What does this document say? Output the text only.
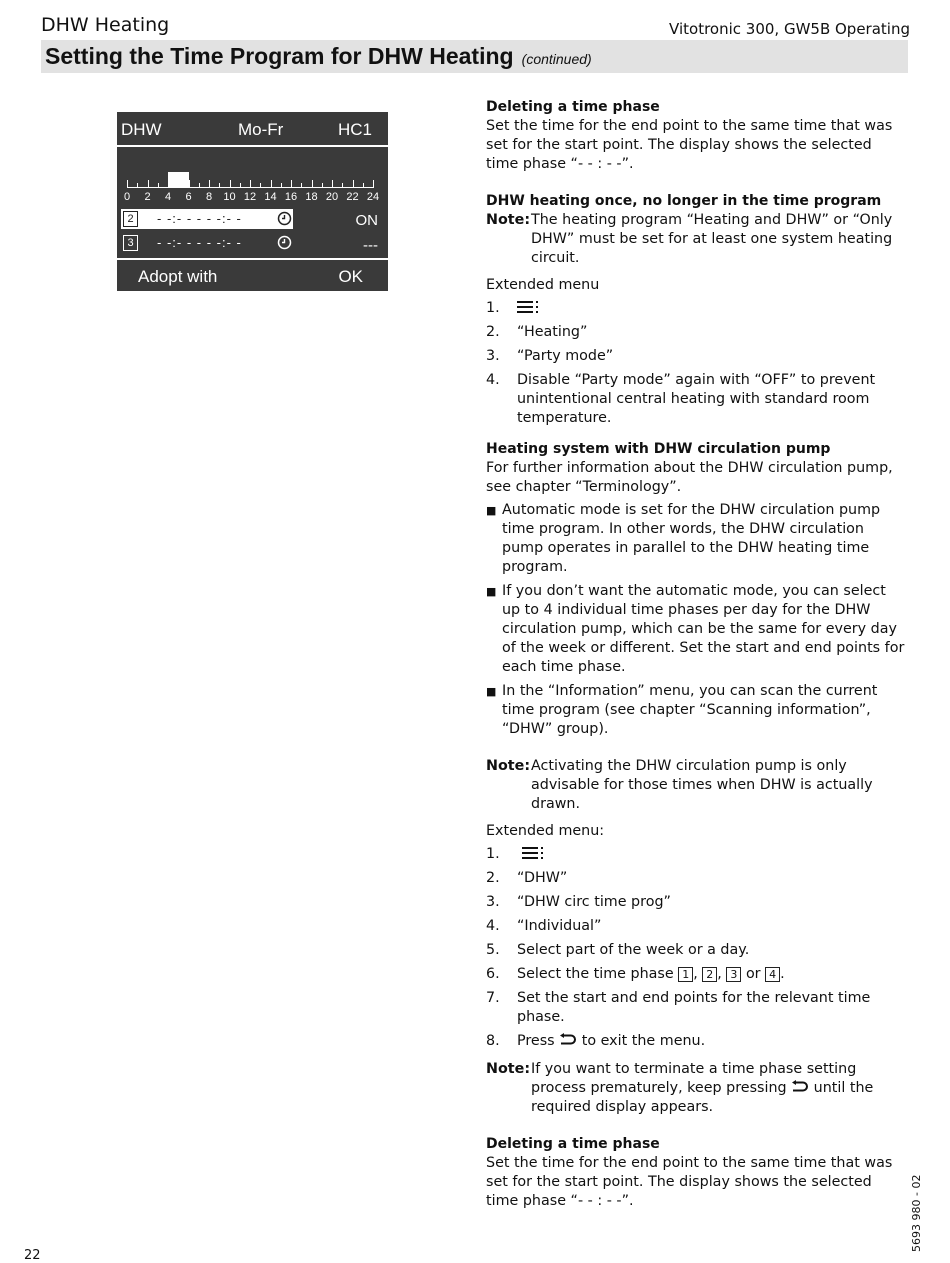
DHW Heating	Vitotronic 300, GW5B Operating
Setting the Time Program for DHW Heating (continued)
DHW	Mo-Fr	HC1
0 2 4 6 8 10 12 14 16 18 20 22 24
2	- -:- - - - -:- -	ON
3	- -:- - - - -:- -	---
Adopt with	OK

Deleting a time phase

Set the time for the end point to the same time that was set for the start point. The display shows the selected time phase “- - : - -”.

DHW heating once, no longer in the time program

Note: The heating program “Heating and DHW” or “Only DHW” must be set for at least one system heating circuit.

Extended menu

1.
2.	“Heating”
3.	“Party mode”
4.	Disable “Party mode” again with “OFF” to prevent unintentional central heating with standard room temperature.

Heating system with DHW circulation pump

For further information about the DHW circulation pump, see chapter “Terminology”.

■ Automatic mode is set for the DHW circulation pump time program. In other words, the DHW circulation pump operates in parallel to the DHW heating time program.
■ If you don’t want the automatic mode, you can select up to 4 individual time phases per day for the DHW circulation pump, which can be the same for every day of the week or different. Set the start and end points for each time phase.
■ In the “Information” menu, you can scan the current time program (see chapter “Scanning information”, “DHW” group).
Note: Activating the DHW circulation pump is only advisable for those times when DHW is actually drawn.

Extended menu:

1.
2.	“DHW”
3.	“DHW circ time prog”
4.	“Individual”
5.	Select part of the week or a day.
6.	Select the time phase 1 , 2 , 3 or 4 .
7.	Set the start and end points for the relevant time phase.
8.	Press to exit the menu.
Note: If you want to terminate a time phase setting process prematurely, keep pressing until the required display appears.

Deleting a time phase

Set the time for the end point to the same time that was set for the start point. The display shows the selected time phase “- - : - -”.

22
5693 980 - 02
